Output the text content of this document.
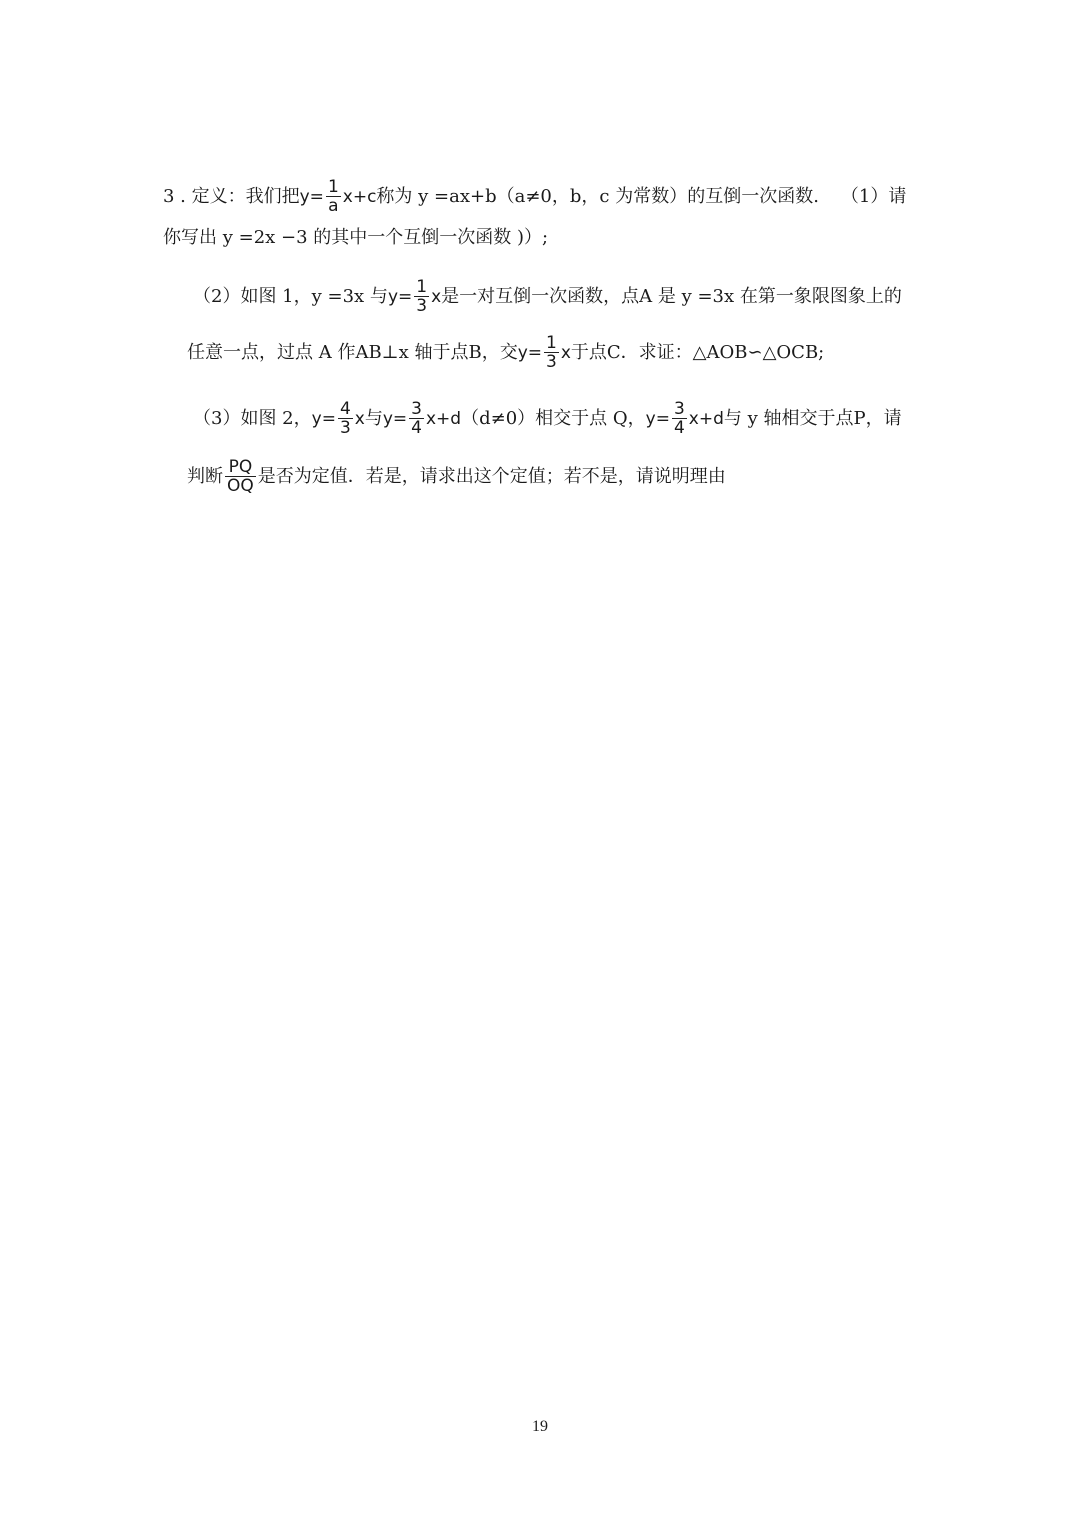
3 . 定义：我们把 $y= \frac{1}{a} x+c$ 称为 y =ax+b（a≠0，b，c 为常数）的互倒一次函数. （1）请
你写出 y =2x −3 的其中一个互倒一次函数 )）;
（2）如图 1，y =3x 与 $y= \frac{1}{3}$ x 是一对互倒一次函数，点A 是 y =3x 在第一象限图象上的
任意一点，过点 A 作AB⊥x 轴于点B，交 $y= \frac{1}{3}$ x 于点C．求证：△AOB∽△OCB;
（3）如图 2， $y= \frac{4}{3}$ x 与 $y= \frac{3}{4} x+d$ （d≠0）相交于点 Q， $y= \frac{3}{4} x+d$ 与 y 轴相交于点P，请
判断 $\frac{PQ}{OQ}$ 是否为定值．若是，请求出这个定值；若不是，请说明理由
19
